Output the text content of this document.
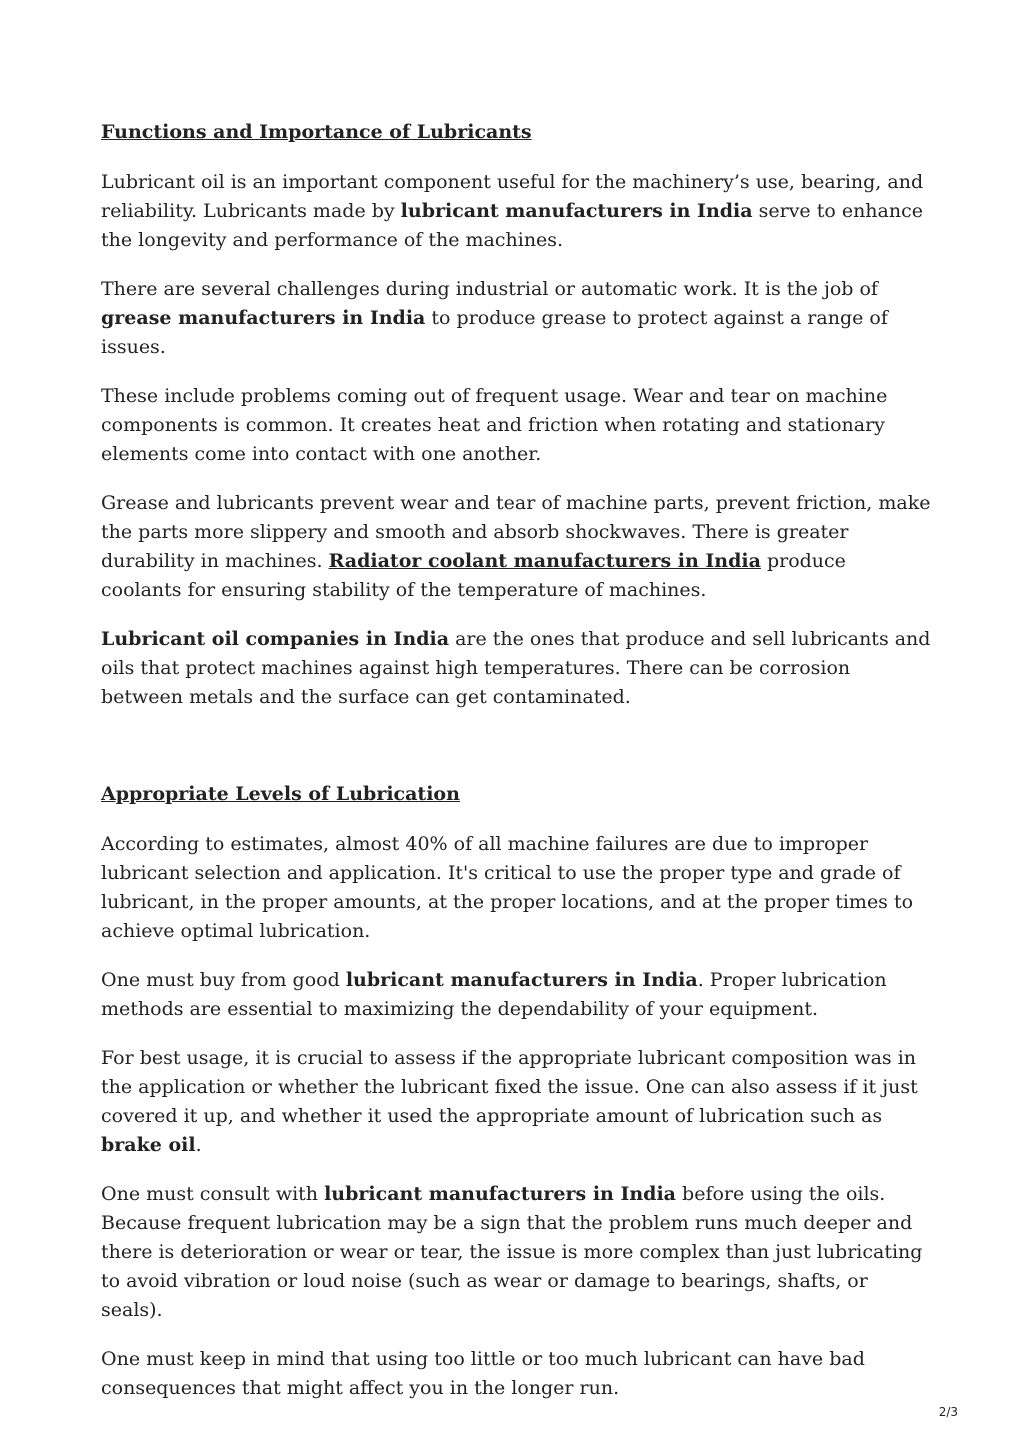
Functions and Importance of Lubricants

Lubricant oil is an important component useful for the machinery’s use, bearing, and reliability. Lubricants made by lubricant manufacturers in India serve to enhance the longevity and performance of the machines.

There are several challenges during industrial or automatic work. It is the job of grease manufacturers in India to produce grease to protect against a range of issues.

These include problems coming out of frequent usage. Wear and tear on machine components is common. It creates heat and friction when rotating and stationary elements come into contact with one another.

Grease and lubricants prevent wear and tear of machine parts, prevent friction, make the parts more slippery and smooth and absorb shockwaves. There is greater durability in machines. Radiator coolant manufacturers in India produce coolants for ensuring stability of the temperature of machines.

Lubricant oil companies in India are the ones that produce and sell lubricants and oils that protect machines against high temperatures. There can be corrosion between metals and the surface can get contaminated.

Appropriate Levels of Lubrication

According to estimates, almost 40% of all machine failures are due to improper lubricant selection and application. It's critical to use the proper type and grade of lubricant, in the proper amounts, at the proper locations, and at the proper times to achieve optimal lubrication.

One must buy from good lubricant manufacturers in India. Proper lubrication methods are essential to maximizing the dependability of your equipment.

For best usage, it is crucial to assess if the appropriate lubricant composition was in the application or whether the lubricant fixed the issue. One can also assess if it just covered it up, and whether it used the appropriate amount of lubrication such as brake oil.

One must consult with lubricant manufacturers in India before using the oils. Because frequent lubrication may be a sign that the problem runs much deeper and there is deterioration or wear or tear, the issue is more complex than just lubricating to avoid vibration or loud noise (such as wear or damage to bearings, shafts, or seals).

One must keep in mind that using too little or too much lubricant can have bad consequences that might affect you in the longer run.

2/3
